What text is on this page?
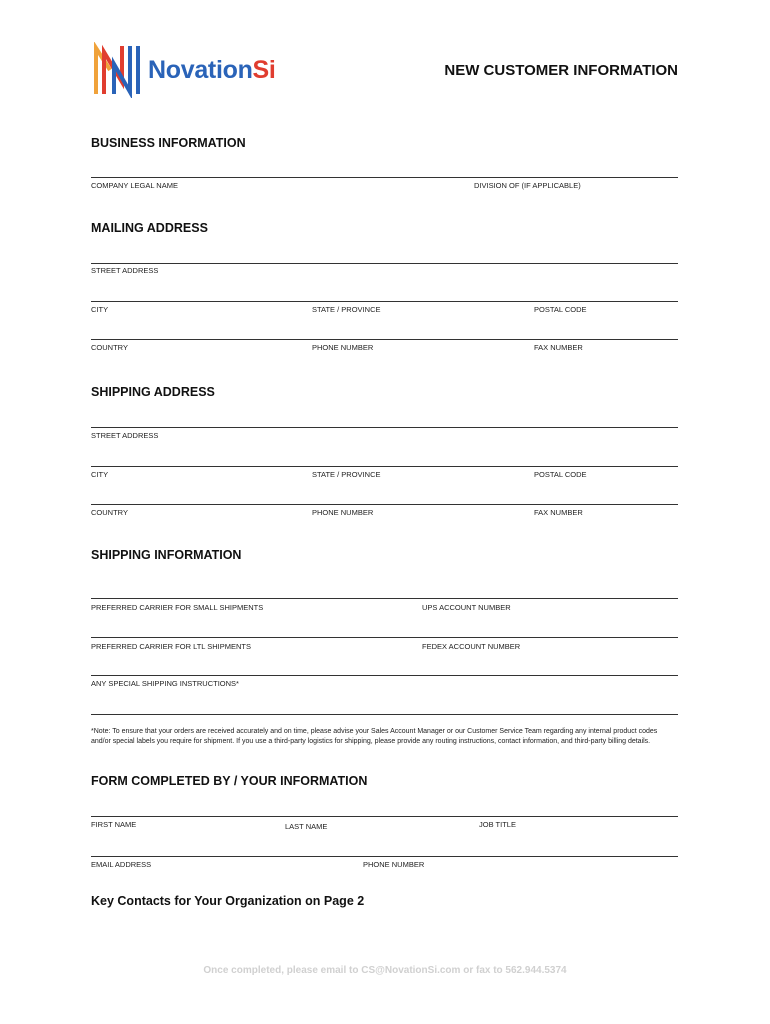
NovationSi	NEW CUSTOMER INFORMATION
BUSINESS INFORMATION
COMPANY LEGAL NAME	DIVISION OF (IF APPLICABLE)
MAILING ADDRESS
STREET ADDRESS
CITY	STATE / PROVINCE	POSTAL CODE
COUNTRY	PHONE NUMBER	FAX NUMBER
SHIPPING ADDRESS
STREET ADDRESS
CITY	STATE / PROVINCE	POSTAL CODE
COUNTRY	PHONE NUMBER	FAX NUMBER
SHIPPING INFORMATION
PREFERRED CARRIER FOR SMALL SHIPMENTS	UPS ACCOUNT NUMBER
PREFERRED CARRIER FOR LTL SHIPMENTS	FEDEX ACCOUNT NUMBER
ANY SPECIAL SHIPPING INSTRUCTIONS*
*Note: To ensure that your orders are received accurately and on time, please advise your Sales Account Manager or our Customer Service Team regarding any internal product codes and/or special labels you require for shipment. If you use a third-party logistics for shipping, please provide any routing instructions, contact information, and third-party billing details.
FORM COMPLETED BY / YOUR INFORMATION
FIRST NAME	LAST NAME	JOB TITLE
EMAIL ADDRESS	PHONE NUMBER
Key Contacts for Your Organization on Page 2
Once completed, please email to CS@NovationSi.com or fax to 562.944.5374
